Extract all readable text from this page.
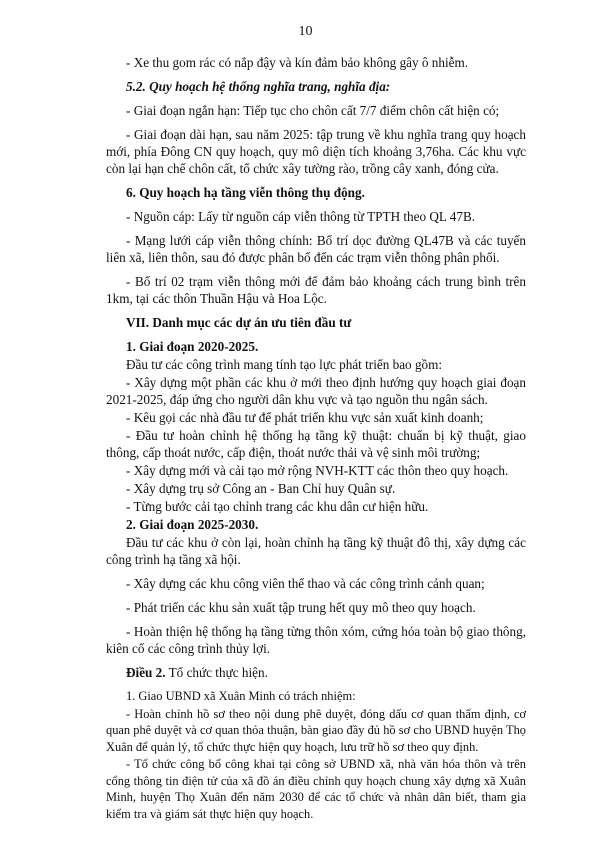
10

- Xe thu gom rác có nắp đậy và kín đảm bảo không gây ô nhiễm.

5.2. Quy hoạch hệ thống nghĩa trang, nghĩa địa:

- Giai đoạn ngắn hạn: Tiếp tục cho chôn cất 7/7 điểm chôn cất hiện có;

- Giai đoạn dài hạn, sau năm 2025: tập trung về khu nghĩa trang quy hoạch mới, phía Đông CN quy hoạch, quy mô diện tích khoảng 3,76ha. Các khu vực còn lại hạn chế chôn cất, tổ chức xây tường rào, trồng cây xanh, đóng cửa.

6. Quy hoạch hạ tầng viễn thông thụ động.

- Nguồn cáp: Lấy từ nguồn cáp viễn thông từ TPTH theo QL 47B.

- Mạng lưới cáp viễn thông chính: Bố trí dọc đường QL47B và các tuyến liên xã, liên thôn, sau đó được phân bố đến các trạm viễn thông phân phối.

- Bố trí 02 trạm viễn thông mới để đảm bảo khoảng cách trung bình trên 1km, tại các thôn Thuần Hậu và Hoa Lộc.

VII. Danh mục các dự án ưu tiên đầu tư

1. Giai đoạn 2020-2025.

Đầu tư các công trình mang tính tạo lực phát triển bao gồm:

- Xây dựng một phần các khu ở mới theo định hướng quy hoạch giai đoạn 2021-2025, đáp ứng cho người dân khu vực và tạo nguồn thu ngân sách.

- Kêu gọi các nhà đầu tư để phát triển khu vực sản xuất kinh doanh;

- Đầu tư hoàn chỉnh hệ thống hạ tầng kỹ thuật: chuẩn bị kỹ thuật, giao thông, cấp thoát nước, cấp điện, thoát nước thải và vệ sinh môi trường;

- Xây dựng mới và cải tạo mở rộng NVH-KTT các thôn theo quy hoạch.

- Xây dựng trụ sở Công an - Ban Chỉ huy Quân sự.

- Từng bước cải tạo chỉnh trang các khu dân cư hiện hữu.

2. Giai đoạn 2025-2030.

Đầu tư các khu ở còn lại, hoàn chỉnh hạ tầng kỹ thuật đô thị, xây dựng các công trình hạ tầng xã hội.

- Xây dựng các khu công viên thể thao và các công trình cảnh quan;

- Phát triển các khu sản xuất tập trung hết quy mô theo quy hoạch.

- Hoàn thiện hệ thống hạ tầng từng thôn xóm, cứng hóa toàn bộ giao thông, kiên cố các công trình thủy lợi.

Điều 2. Tổ chức thực hiện.

1. Giao UBND xã Xuân Minh có trách nhiệm:

- Hoàn chỉnh hồ sơ theo nội dung phê duyệt, đóng dấu cơ quan thẩm định, cơ quan phê duyệt và cơ quan thỏa thuận, bàn giao đầy đủ hồ sơ cho UBND huyện Thọ Xuân để quản lý, tổ chức thực hiện quy hoạch, lưu trữ hồ sơ theo quy định.

- Tổ chức công bố công khai tại công sở UBND xã, nhà văn hóa thôn và trên cổng thông tin điện tử của xã đồ án điều chỉnh quy hoạch chung xây dựng xã Xuân Minh, huyện Thọ Xuân đến năm 2030 để các tổ chức và nhân dân biết, tham gia kiểm tra và giám sát thực hiện quy hoạch.
